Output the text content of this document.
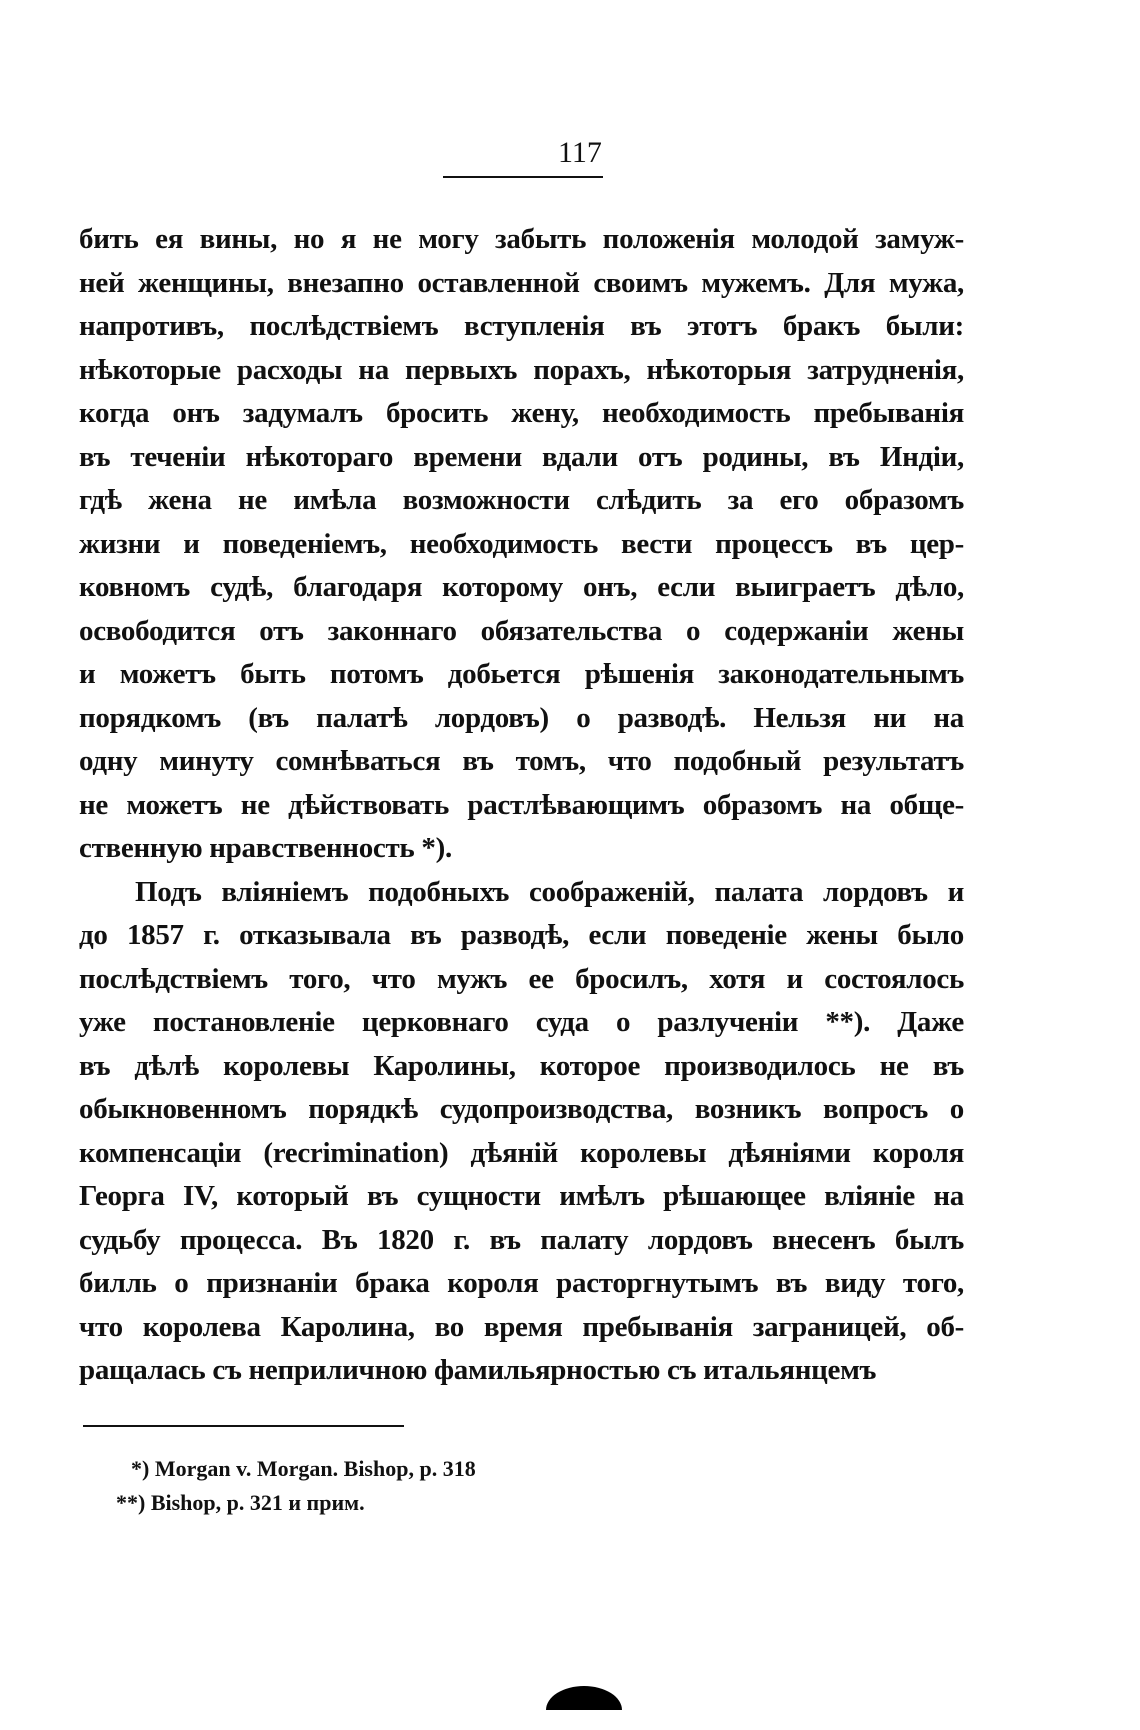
117
бить ея вины, но я не могу забыть положенія молодой замуж-
ней женщины, внезапно оставленной своимъ мужемъ. Для мужа,
напротивъ, послѣдствіемъ вступленія въ этотъ бракъ были:
нѣкоторые расходы на первыхъ порахъ, нѣкоторыя затрудненія,
когда онъ задумалъ бросить жену, необходимость пребыванія
въ теченіи нѣкотораго времени вдали отъ родины, въ Индіи,
гдѣ жена не имѣла возможности слѣдить за его образомъ
жизни и поведеніемъ, необходимость вести процессъ въ цер-
ковномъ судѣ, благодаря которому онъ, если выиграетъ дѣло,
освободится отъ законнаго обязательства о содержаніи жены
и можетъ быть потомъ добьется рѣшенія законодательнымъ
порядкомъ (въ палатѣ лордовъ) о разводѣ. Нельзя ни на
одну минуту сомнѣваться въ томъ, что подобный результатъ
не можетъ не дѣйствовать растлѣвающимъ образомъ на обще-
ственную нравственность *).
Подъ вліяніемъ подобныхъ соображеній, палата лордовъ и
до 1857 г. отказывала въ разводѣ, если поведеніе жены было
послѣдствіемъ того, что мужъ ее бросилъ, хотя и состоялось
уже постановленіе церковнаго суда о разлученіи **). Даже
въ дѣлѣ королевы Каролины, которое производилось не въ
обыкновенномъ порядкѣ судопроизводства, возникъ вопросъ о
компенсаціи (recrimination) дѣяній королевы дѣяніями короля
Георга IV, который въ сущности имѣлъ рѣшающее вліяніе на
судьбу процесса. Въ 1820 г. въ палату лордовъ внесенъ былъ
билль о признаніи брака короля расторгнутымъ въ виду того,
что королева Каролина, во время пребыванія заграницей, об-
ращалась съ неприличною фамильярностью съ итальянцемъ
*) Morgan v. Morgan. Bishop, p. 318
**) Bishop, p. 321 и прим.
